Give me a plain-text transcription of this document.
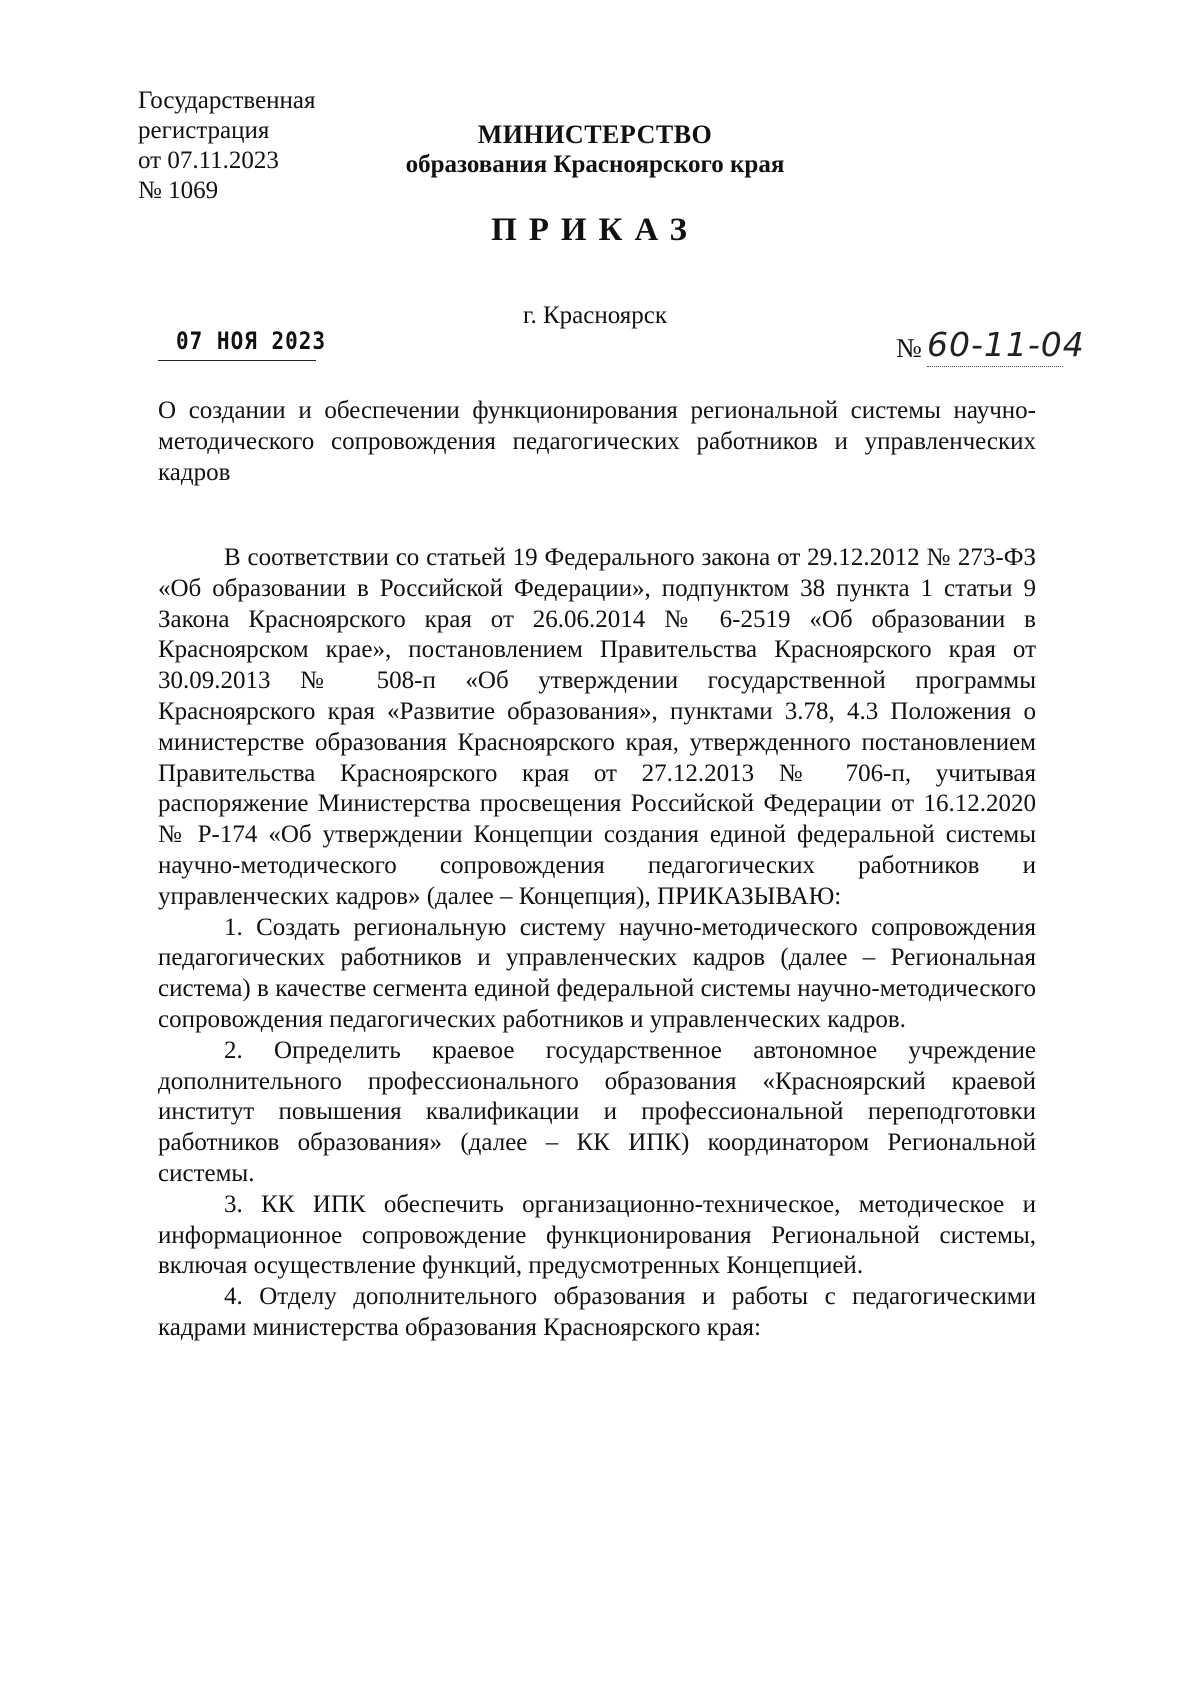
Государственная
регистрация
от 07.11.2023
№ 1069
МИНИСТЕРСТВО
образования Красноярского края
ПРИКАЗ
г. Красноярск
07 НОЯ 2023	№ 60-11-04
О создании и обеспечении функционирования региональной системы научно-методического сопровождения педагогических работников и управленческих кадров

В соответствии со статьей 19 Федерального закона от 29.12.2012 № 273-ФЗ «Об образовании в Российской Федерации», подпунктом 38 пункта 1 статьи 9 Закона Красноярского края от 26.06.2014 № 6-2519 «Об образовании в Красноярском крае», постановлением Правительства Красноярского края от 30.09.2013 № 508-п «Об утверждении государственной программы Красноярского края «Развитие образования», пунктами 3.78, 4.3 Положения о министерстве образования Красноярского края, утвержденного постановлением Правительства Красноярского края от 27.12.2013 № 706-п, учитывая распоряжение Министерства просвещения Российской Федерации от 16.12.2020 № Р-174 «Об утверждении Концепции создания единой федеральной системы научно-методического сопровождения педагогических работников и управленческих кадров» (далее – Концепция), ПРИКАЗЫВАЮ:

1. Создать региональную систему научно-методического сопровождения педагогических работников и управленческих кадров (далее – Региональная система) в качестве сегмента единой федеральной системы научно-методического сопровождения педагогических работников и управленческих кадров.

2. Определить краевое государственное автономное учреждение дополнительного профессионального образования «Красноярский краевой институт повышения квалификации и профессиональной переподготовки работников образования» (далее – КК ИПК) координатором Региональной системы.

3. КК ИПК обеспечить организационно-техническое, методическое и информационное сопровождение функционирования Региональной системы, включая осуществление функций, предусмотренных Концепцией.

4. Отделу дополнительного образования и работы с педагогическими кадрами министерства образования Красноярского края:
